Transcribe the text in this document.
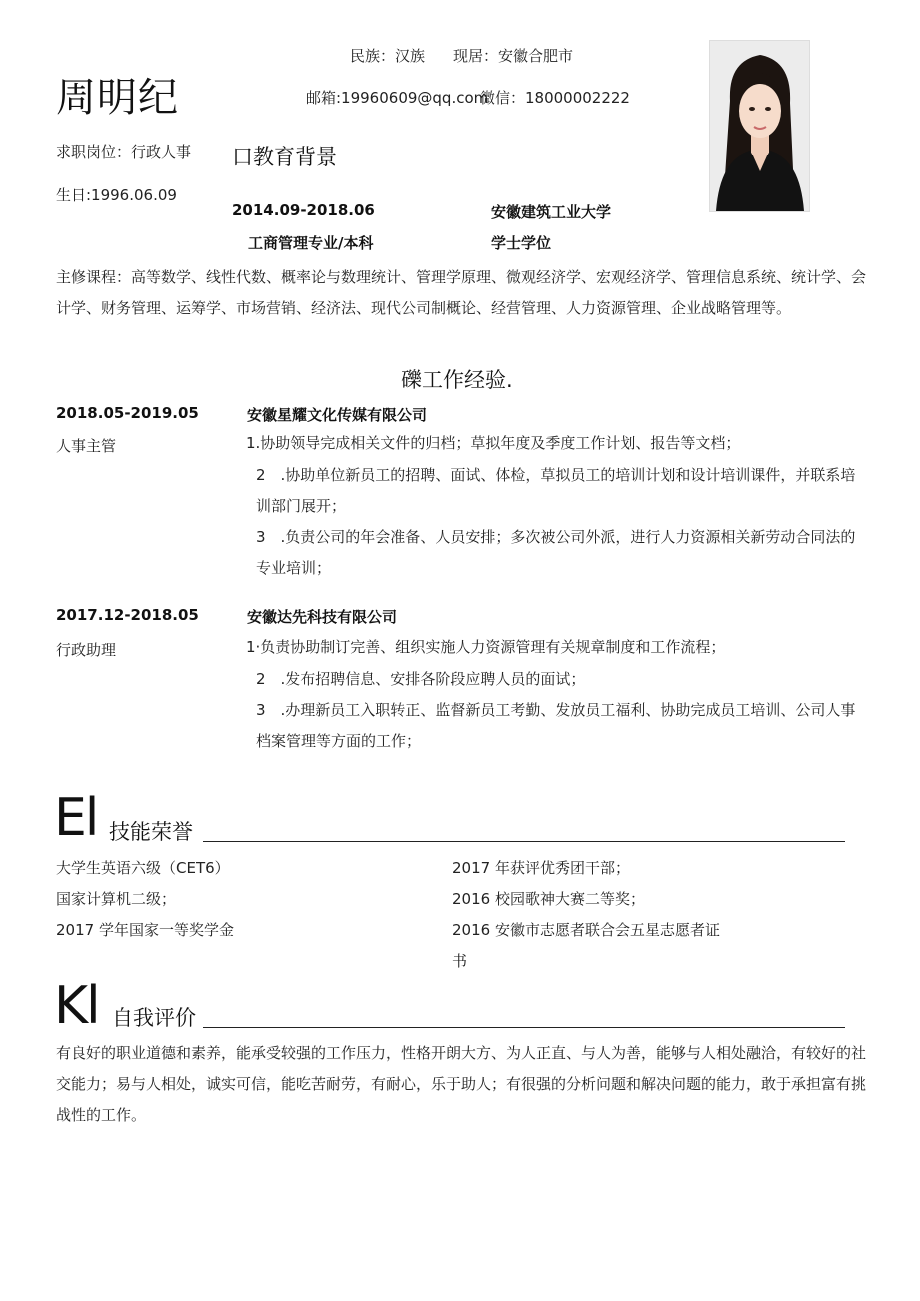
周明纪
民族：汉族 现居：安徽合肥市
邮箱:19960609@qq.com
微信：18000002222
求职岗位：行政人事
生日:1996.06.09
口教育背景
2014.09-2018.06	安徽建筑工业大学
工商管理专业/本科	学士学位
主修课程：高等数学、线性代数、概率论与数理统计、管理学原理、微观经济学、宏观经济学、管理信息系统、统计学、会计学、财务管理、运筹学、市场营销、经济法、现代公司制概论、经营管理、人力资源管理、企业战略管理等。
礫工作经验.
2018.05-2019.05	安徽星耀文化传媒有限公司
人事主管	1.协助领导完成相关文件的归档；草拟年度及季度工作计划、报告等文档；
2　.协助单位新员工的招聘、面试、体检，草拟员工的培训计划和设计培训课件，并联系培训部门展开；
3　.负责公司的年会准备、人员安排；多次被公司外派，进行人力资源相关新劳动合同法的专业培训；
2017.12-2018.05	安徽达先科技有限公司
行政助理	1·负责协助制订完善、组织实施人力资源管理有关规章制度和工作流程；
2　.发布招聘信息、安排各阶段应聘人员的面试；
3　.办理新员工入职转正、监督新员工考勤、发放员工福利、协助完成员工培训、公司人事档案管理等方面的工作；
El 技能荣誉
大学生英语六级（CET6）
国家计算机二级；
2017 学年国家一等奖学金
2017 年获评优秀团干部；
2016 校园歌神大赛二等奖；
2016 安徽市志愿者联合会五星志愿者证
书
Kl 自我评价
有良好的职业道德和素养，能承受较强的工作压力，性格开朗大方、为人正直、与人为善，能够与人相处融洽，有较好的社交能力；易与人相处，诚实可信，能吃苦耐劳，有耐心，乐于助人；有很强的分析问题和解决问题的能力，敢于承担富有挑战性的工作。
